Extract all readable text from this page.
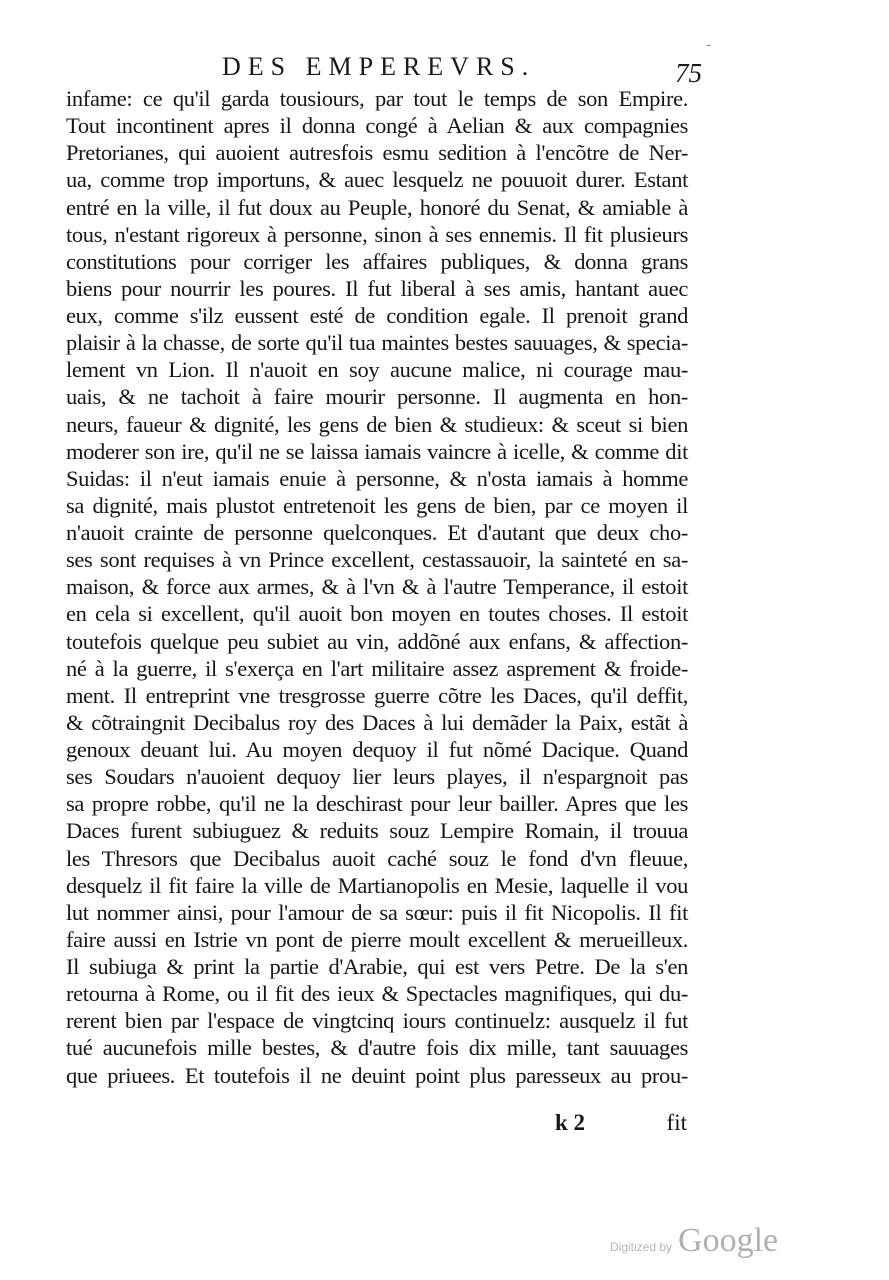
-
DES EMPEREVRS.	75
infame: ce qu'il garda tousiours, par tout le temps de son Empire.
Tout incontinent apres il donna congé à Aelian & aux compagnies
Pretorianes, qui auoient autresfois esmu sedition à l'encõtre de Ner-
ua, comme trop importuns, & auec lesquelz ne pouuoit durer. Estant
entré en la ville, il fut doux au Peuple, honoré du Senat, & amiable à
tous, n'estant rigoreux à personne, sinon à ses ennemis. Il fit plusieurs
constitutions pour corriger les affaires publiques, & donna grans
biens pour nourrir les poures. Il fut liberal à ses amis, hantant auec
eux, comme s'ilz eussent esté de condition egale. Il prenoit grand
plaisir à la chasse, de sorte qu'il tua maintes bestes sauuages, & specia-
lement vn Lion. Il n'auoit en soy aucune malice, ni courage mau-
uais, & ne tachoit à faire mourir personne. Il augmenta en hon-
neurs, faueur & dignité, les gens de bien & studieux: & sceut si bien
moderer son ire, qu'il ne se laissa iamais vaincre à icelle, & comme dit
Suidas: il n'eut iamais enuie à personne, & n'osta iamais à homme
sa dignité, mais plustot entretenoit les gens de bien, par ce moyen il
n'auoit crainte de personne quelconques. Et d'autant que deux cho-
ses sont requises à vn Prince excellent, cestassauoir, la sainteté en sa-
maison, & force aux armes, & à l'vn & à l'autre Temperance, il estoit
en cela si excellent, qu'il auoit bon moyen en toutes choses. Il estoit
toutefois quelque peu subiet au vin, addõné aux enfans, & affection-
né à la guerre, il s'exerça en l'art militaire assez asprement & froide-
ment. Il entreprint vne tresgrosse guerre cõtre les Daces, qu'il deffit,
& cõtraingnit Decibalus roy des Daces à lui demãder la Paix, estãt à
genoux deuant lui. Au moyen dequoy il fut nõmé Dacique. Quand
ses Soudars n'auoient dequoy lier leurs playes, il n'espargnoit pas
sa propre robbe, qu'il ne la deschirast pour leur bailler. Apres que les
Daces furent subiuguez & reduits souz Lempire Romain, il trouua
les Thresors que Decibalus auoit caché souz le fond d'vn fleuue,
desquelz il fit faire la ville de Martianopolis en Mesie, laquelle il vou
lut nommer ainsi, pour l'amour de sa sœur: puis il fit Nicopolis. Il fit
faire aussi en Istrie vn pont de pierre moult excellent & merueilleux.
Il subiuga & print la partie d'Arabie, qui est vers Petre. De la s'en
retourna à Rome, ou il fit des ieux & Spectacles magnifiques, qui du-
rerent bien par l'espace de vingtcinq iours continuelz: ausquelz il fut
tué aucunefois mille bestes, & d'autre fois dix mille, tant sauuages
que priuees. Et toutefois il ne deuint point plus paresseux au prou-
k 2	fit
Digitized by Google
